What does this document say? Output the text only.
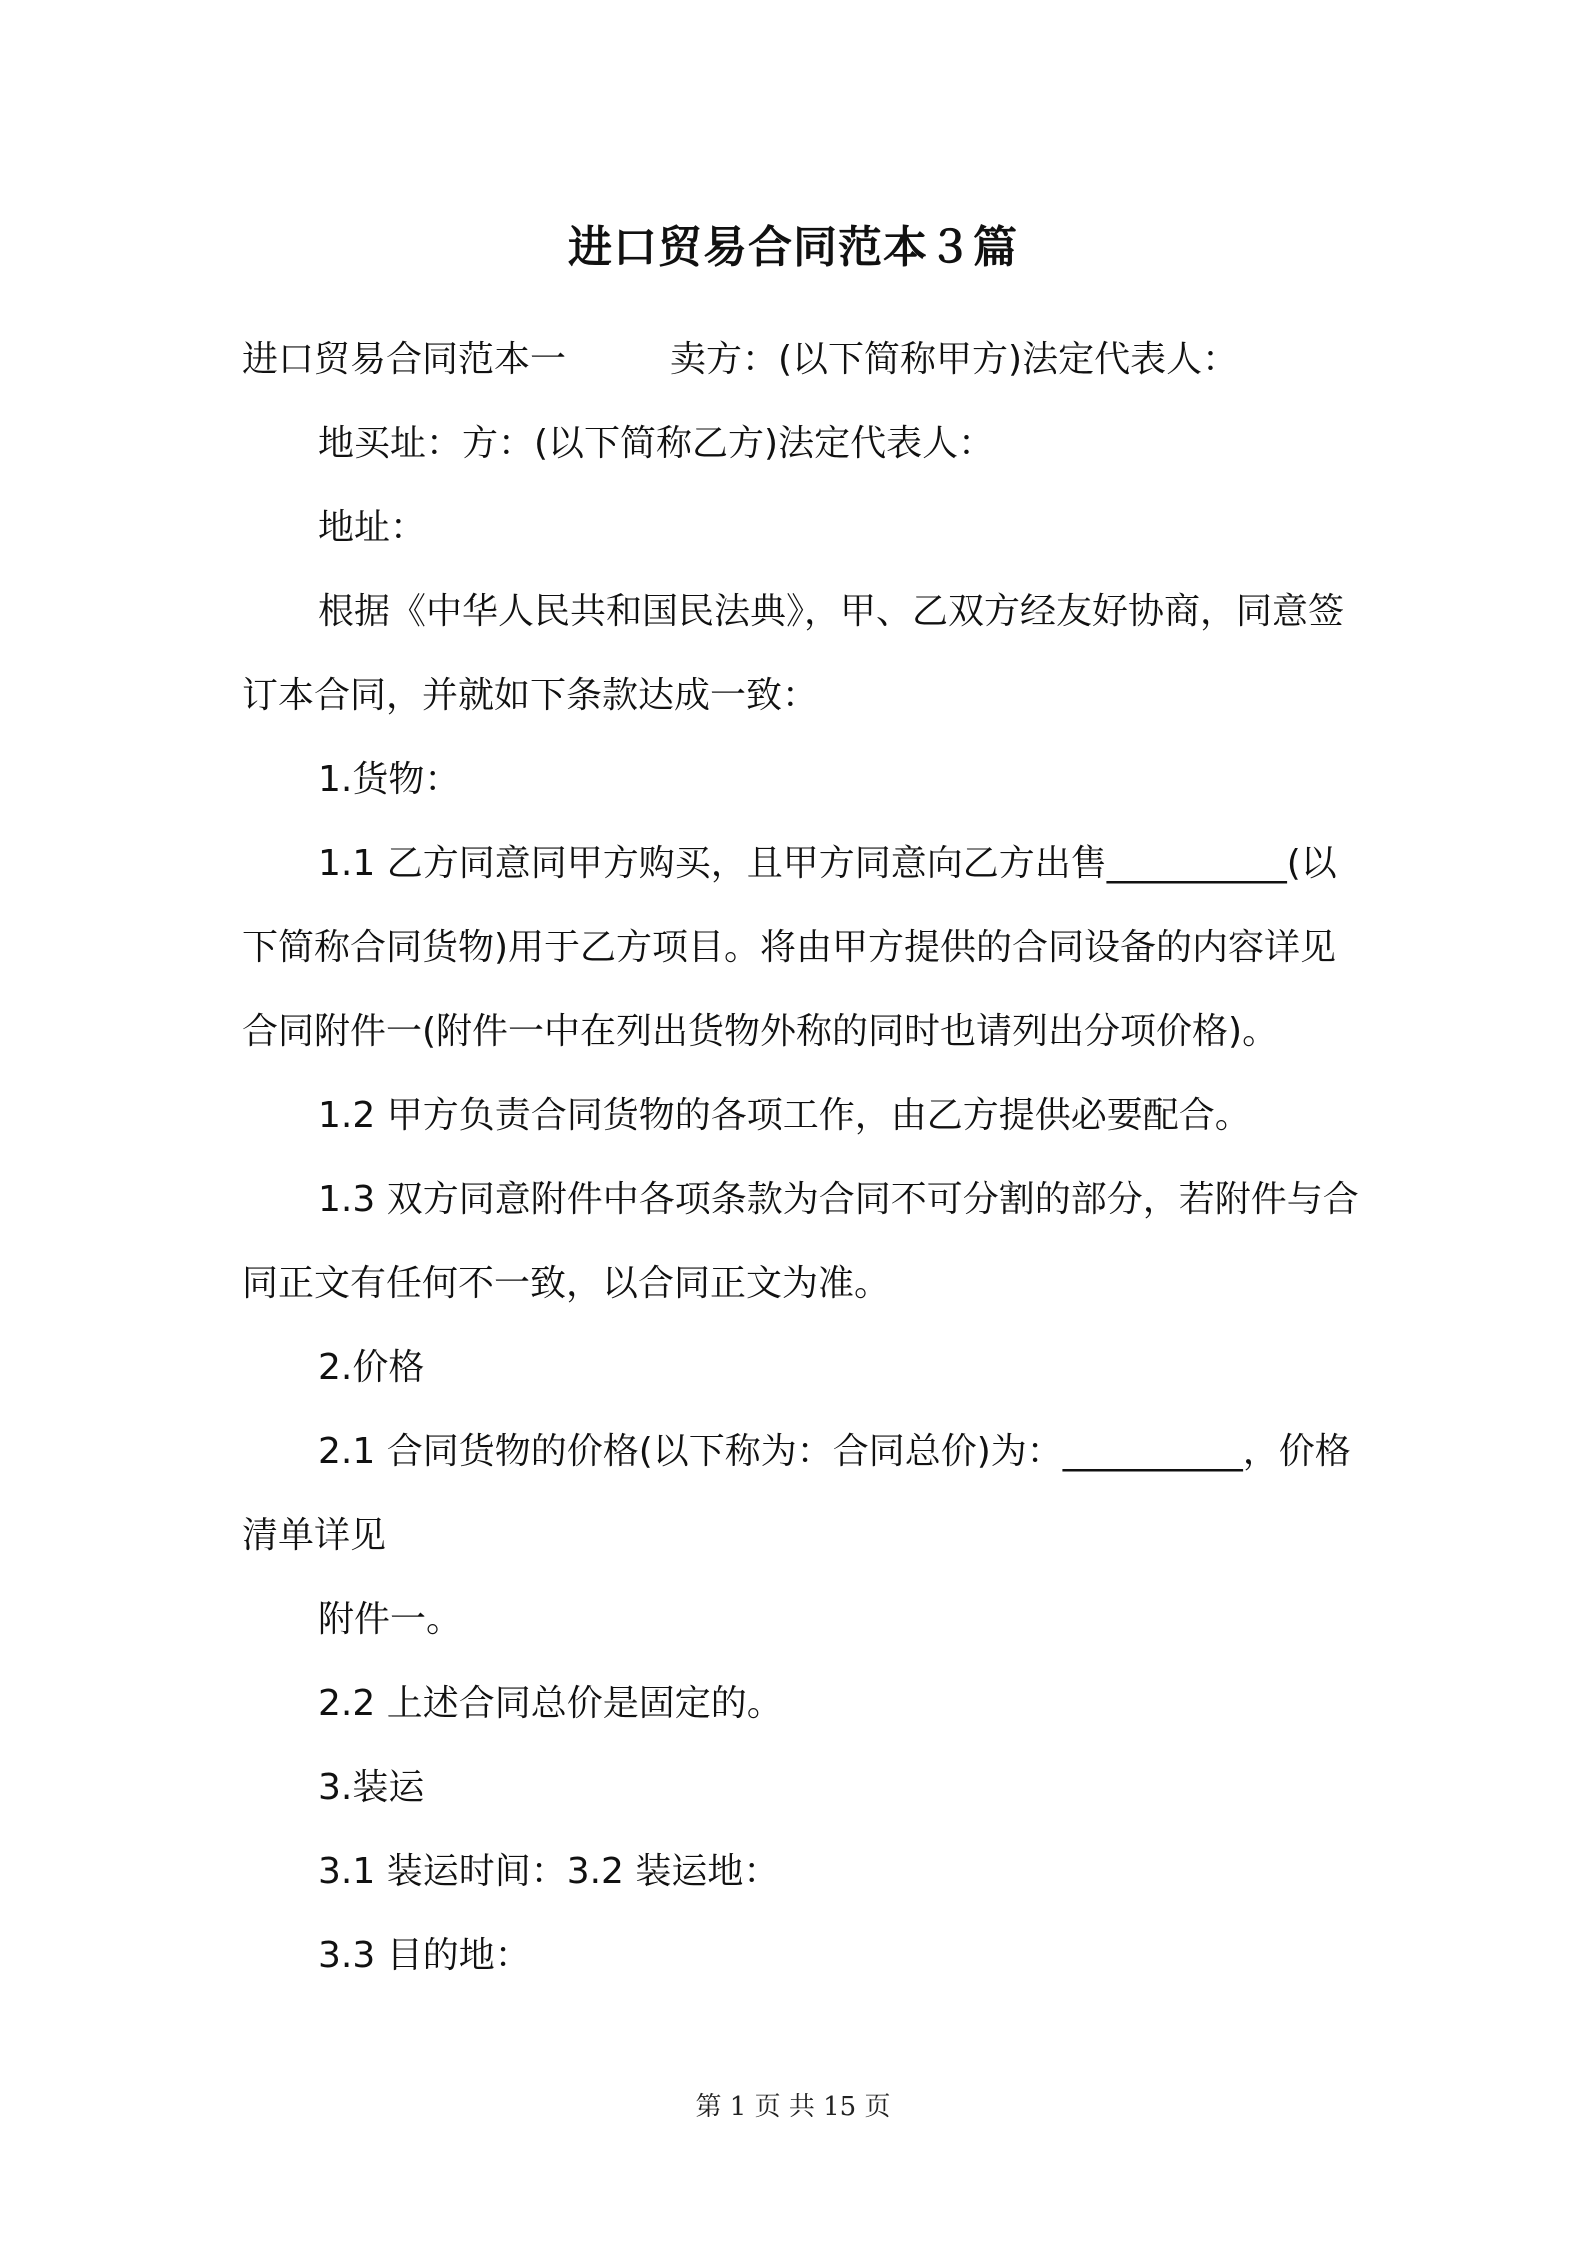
进口贸易合同范本３篇

进口贸易合同范本一	卖方：(以下简称甲方)法定代表人：

地买址：方：(以下简称乙方)法定代表人：

地址：

根据《中华人民共和国民法典》，甲、乙双方经友好协商，同意签订本合同，并就如下条款达成一致：

1.货物：

1.1 乙方同意同甲方购买，且甲方同意向乙方出售__________(以下简称合同货物)用于乙方项目。将由甲方提供的合同设备的内容详见合同附件一(附件一中在列出货物外称的同时也请列出分项价格)。

1.2 甲方负责合同货物的各项工作，由乙方提供必要配合。

1.3 双方同意附件中各项条款为合同不可分割的部分，若附件与合同正文有任何不一致，以合同正文为准。

2.价格

2.1 合同货物的价格(以下称为：合同总价)为：__________，价格清单详见

附件一。

2.2 上述合同总价是固定的。

3.装运

3.1 装运时间：3.2 装运地：

3.3 目的地：

第 1 页 共 15 页
